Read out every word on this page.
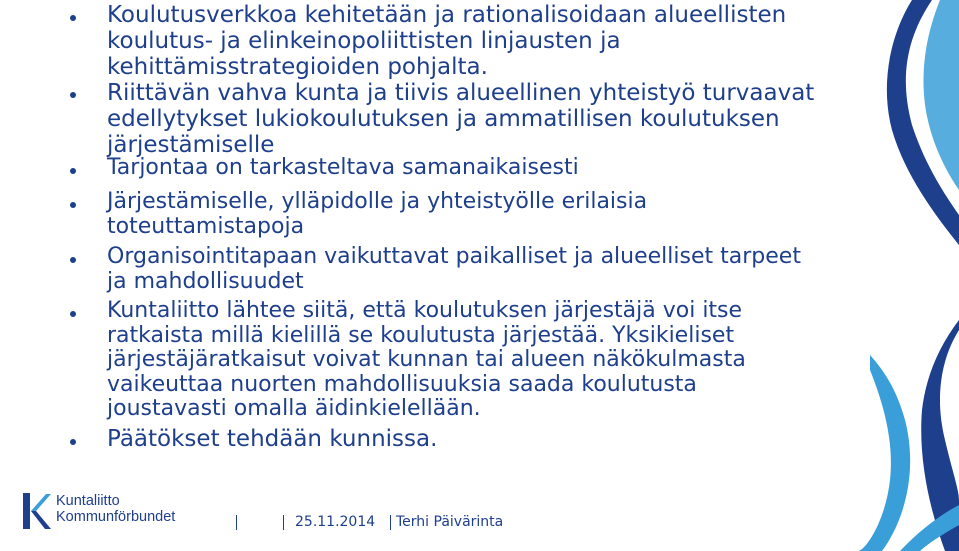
Koulutusverkkoa kehitetään ja rationalisoidaan alueellisten
koulutus- ja elinkeinopoliittisten linjausten ja
kehittämisstrategioiden pohjalta.
Riittävän vahva kunta ja tiivis alueellinen yhteistyö turvaavat
edellytykset lukiokoulutuksen ja ammatillisen koulutuksen
järjestämiselle
Tarjontaa on tarkasteltava samanaikaisesti
Järjestämiselle, ylläpidolle ja yhteistyölle erilaisia
toteuttamistapoja
Organisointitapaan vaikuttavat paikalliset ja alueelliset tarpeet
ja mahdollisuudet
Kuntaliitto lähtee siitä, että koulutuksen järjestäjä voi itse
ratkaista millä kielillä se koulutusta järjestää. Yksikieliset
järjestäjäratkaisut voivat kunnan tai alueen näkökulmasta
vaikeuttaa nuorten mahdollisuuksia saada koulutusta
joustavasti omalla äidinkielellään.
Päätökset tehdään kunnissa.
Kuntaliitto
Kommunförbundet	25.11.2014 Terhi Päivärinta
